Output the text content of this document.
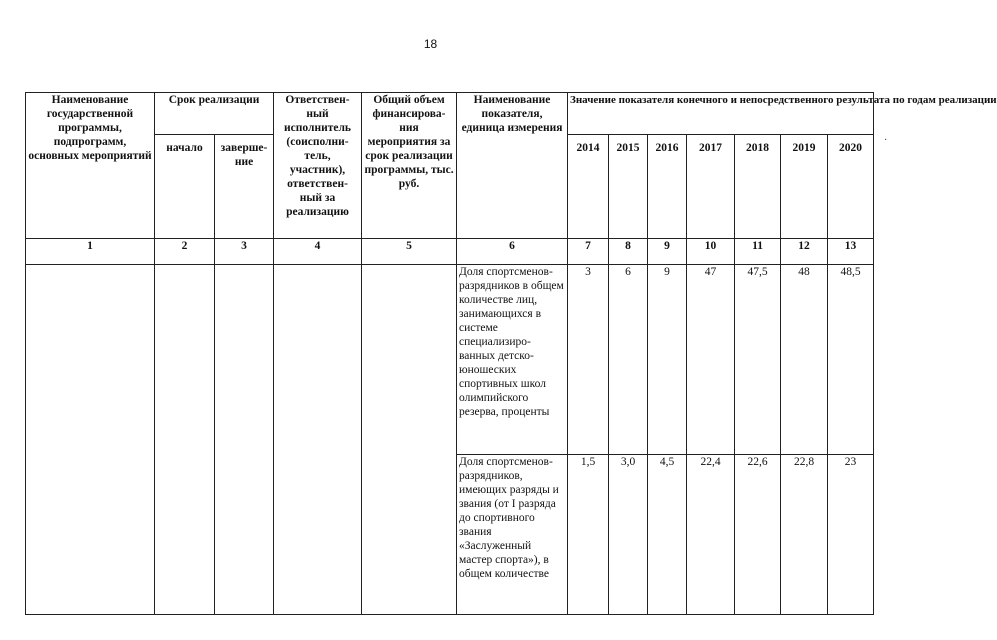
18
·
Наименование государственной программы, подпрограмм, основных мероприятий	Срок реализации		Ответствен-ный исполнитель (соисполни-тель, участник), ответствен-ный за реализацию	Общий объем финансирова-ния мероприятия за срок реализации программы, тыс. руб.	Наименование показателя, единица измерения	Значение показателя конечного и непосредственного результата по годам реализации						
	начало	заверше-ние				2014	2015	2016	2017	2018	2019	2020
1	2	3	4	5	6	7	8	9	10	11	12	13
					Доля спортсменов-разрядников в общем количестве лиц, занимающихся в системе специализиро-ванных детско-юношеских спортивных школ олимпийского резерва, проценты	3	6	9	47	47,5	48	48,5
					Доля спортсменов-разрядников, имеющих разряды и звания (от I разряда до спортивного звания «Заслуженный мастер спорта»), в общем количестве	1,5	3,0	4,5	22,4	22,6	22,8	23
